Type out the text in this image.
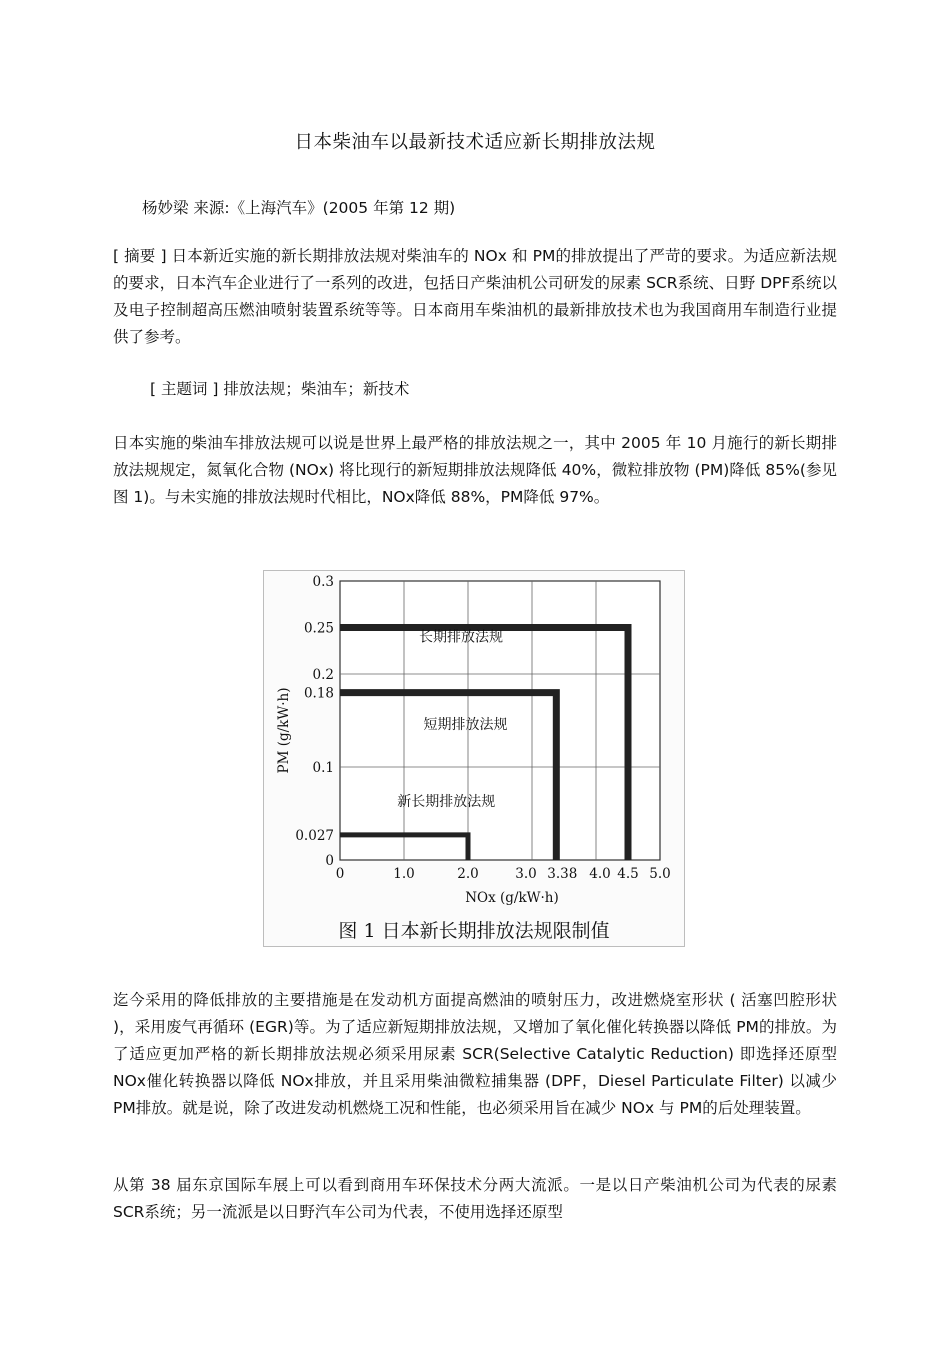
日本柴油车以最新技术适应新长期排放法规
杨妙梁 来源:《上海汽车》(2005 年第 12 期)
[ 摘要 ] 日本新近实施的新长期排放法规对柴油车的 NOx 和 PM的排放提出了严苛的要求。为适应新法规的要求，日本汽车企业进行了一系列的改进，包括日产柴油机公司研发的尿素 SCR系统、日野 DPF系统以及电子控制超高压燃油喷射装置系统等等。日本商用车柴油机的最新排放技术也为我国商用车制造行业提供了参考。
[ 主题词 ] 排放法规；柴油车；新技术
日本实施的柴油车排放法规可以说是世界上最严格的排放法规之一，其中 2005 年 10 月施行的新长期排放法规规定，氮氧化合物 (NOx) 将比现行的新短期排放法规降低 40%，微粒排放物 (PM)降低 85%(参见图 1)。与未实施的排放法规时代相比，NOx降低 88%，PM降低 97%。
长期排放法规
短期排放法规
新长期排放法规
0	1.0	2.0	3.0 3.38 4.0 4.5 5.0
0
0.027
0.1
0.18
0.2
0.25
0.3
NOx (g/kW·h)
PM (g/kW·h)
图 1 日本新长期排放法规限制值
迄今采用的降低排放的主要措施是在发动机方面提高燃油的喷射压力，改进燃烧室形状 ( 活塞凹腔形状 )，采用废气再循环 (EGR)等。为了适应新短期排放法规，又增加了氧化催化转换器以降低 PM的排放。为了适应更加严格的新长期排放法规必须采用尿素 SCR(Selective Catalytic Reduction) 即选择还原型 NOx催化转换器以降低 NOx排放，并且采用柴油微粒捕集器 (DPF，Diesel Particulate Filter) 以减少 PM排放。就是说，除了改进发动机燃烧工况和性能，也必须采用旨在减少 NOx 与 PM的后处理装置。
从第 38 届东京国际车展上可以看到商用车环保技术分两大流派。一是以日产柴油机公司为代表的尿素 SCR系统；另一流派是以日野汽车公司为代表，不使用选择还原型
